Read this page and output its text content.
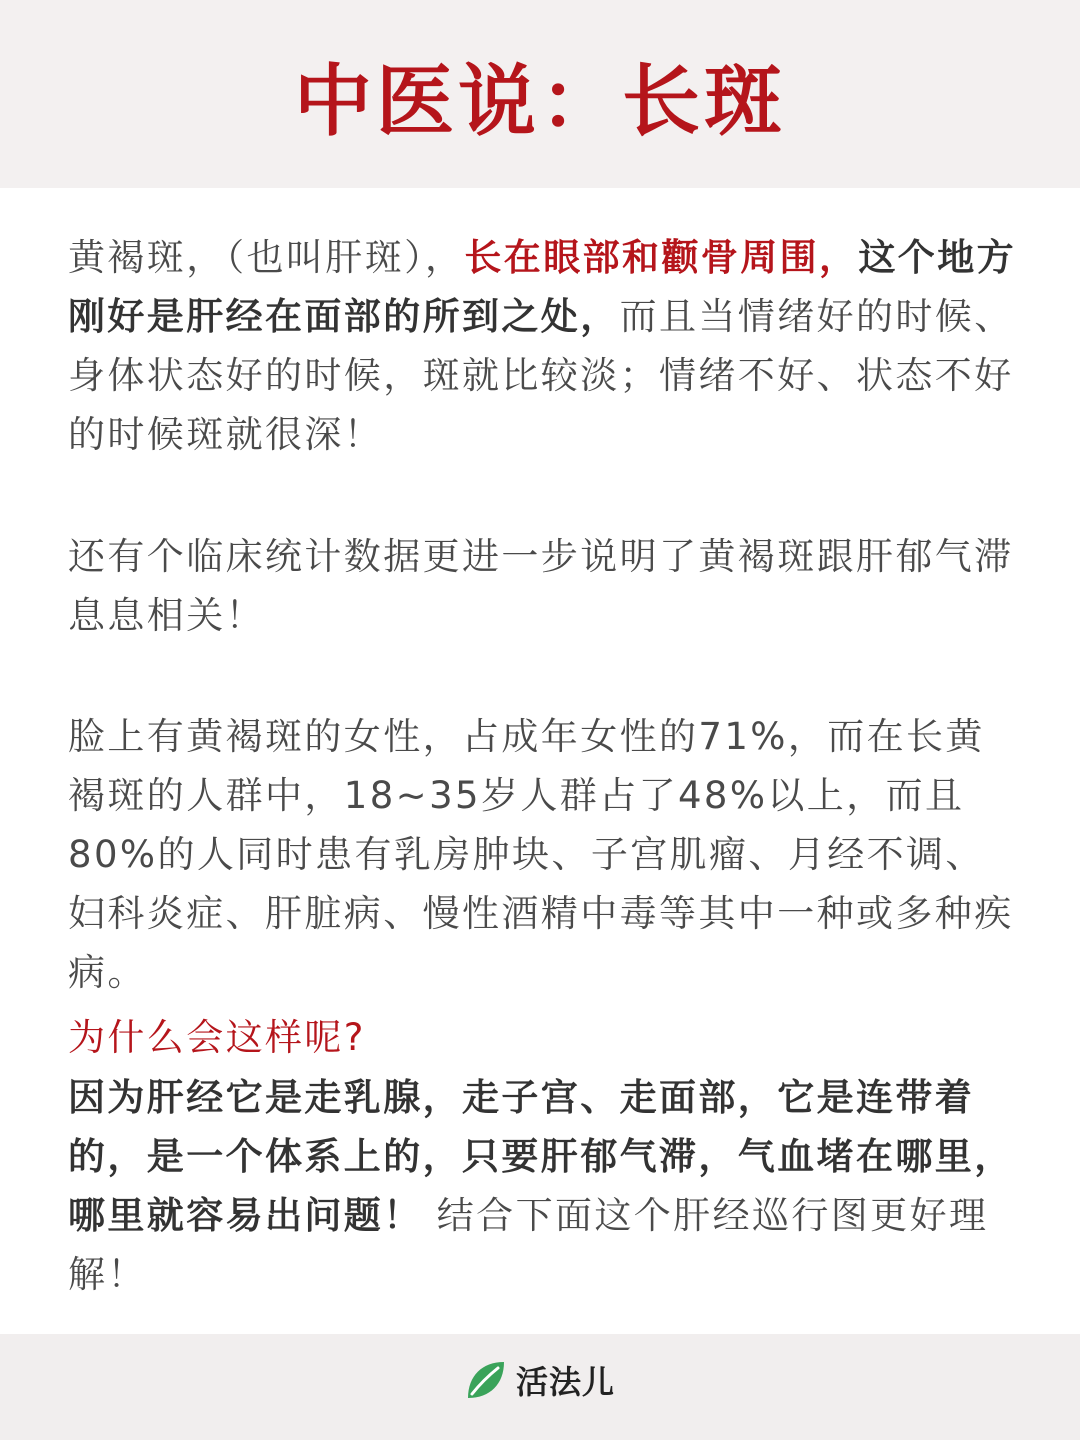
中医说：长斑

黄褐斑，（也叫肝斑），长在眼部和颧骨周围，这个地方刚好是肝经在面部的所到之处，而且当情绪好的时候、身体状态好的时候，斑就比较淡；情绪不好、状态不好的时候斑就很深！

还有个临床统计数据更进一步说明了黄褐斑跟肝郁气滞息息相关！

脸上有黄褐斑的女性，占成年女性的71%，而在长黄褐斑的人群中，18~35岁人群占了48%以上，而且80%的人同时患有乳房肿块、子宫肌瘤、月经不调、妇科炎症、肝脏病、慢性酒精中毒等其中一种或多种疾病。

为什么会这样呢?

因为肝经它是走乳腺，走子宫、走面部，它是连带着的，是一个体系上的，只要肝郁气滞，气血堵在哪里，哪里就容易出问题！ 结合下面这个肝经巡行图更好理解！

活法儿
